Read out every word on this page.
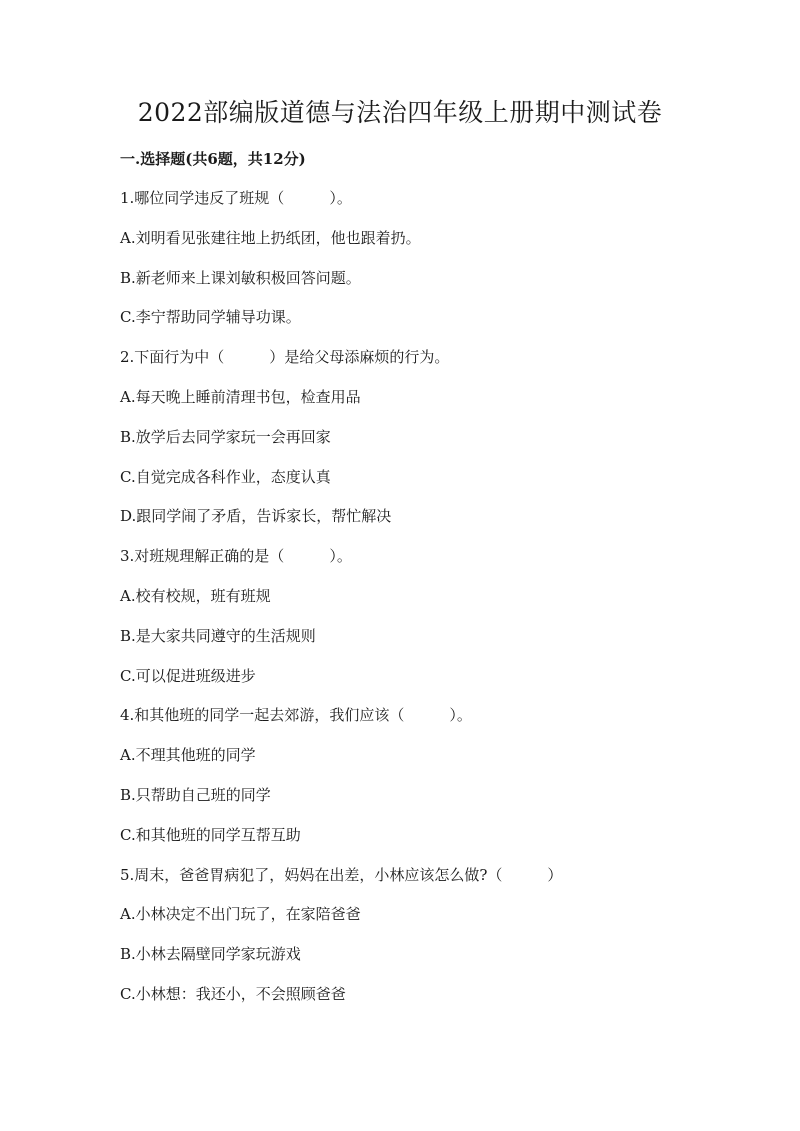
2022部编版道德与法治四年级上册期中测试卷
一.选择题(共6题，共12分)

1.哪位同学违反了班规（　　　）。

A.刘明看见张建往地上扔纸团，他也跟着扔。

B.新老师来上课刘敏积极回答问题。

C.李宁帮助同学辅导功课。

2.下面行为中（　　　）是给父母添麻烦的行为。

A.每天晚上睡前清理书包，检查用品

B.放学后去同学家玩一会再回家

C.自觉完成各科作业，态度认真

D.跟同学闹了矛盾，告诉家长，帮忙解决

3.对班规理解正确的是（　　　）。

A.校有校规，班有班规

B.是大家共同遵守的生活规则

C.可以促进班级进步

4.和其他班的同学一起去郊游，我们应该（　　　）。

A.不理其他班的同学

B.只帮助自己班的同学

C.和其他班的同学互帮互助

5.周末，爸爸胃病犯了，妈妈在出差，小林应该怎么做?（　　　）

A.小林决定不出门玩了，在家陪爸爸

B.小林去隔壁同学家玩游戏

C.小林想：我还小，不会照顾爸爸
